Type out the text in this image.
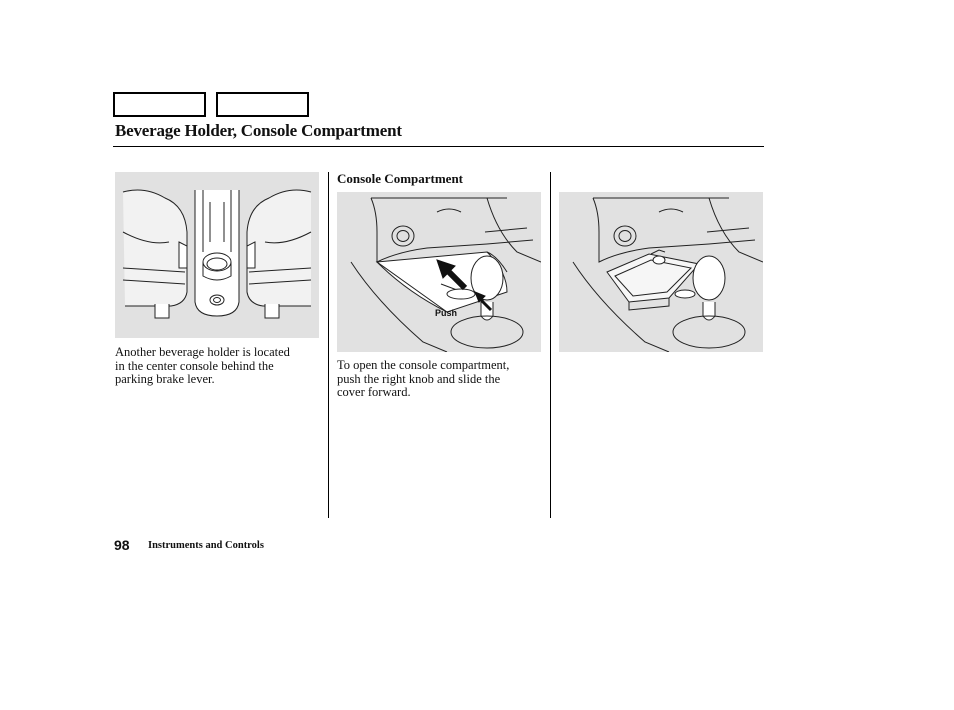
Beverage Holder, Console Compartment
Push
Another beverage holder is located
in the center console behind the
parking brake lever.
Console Compartment
To open the console compartment,
push the right knob and slide the
cover forward.
98 Instruments and Controls
